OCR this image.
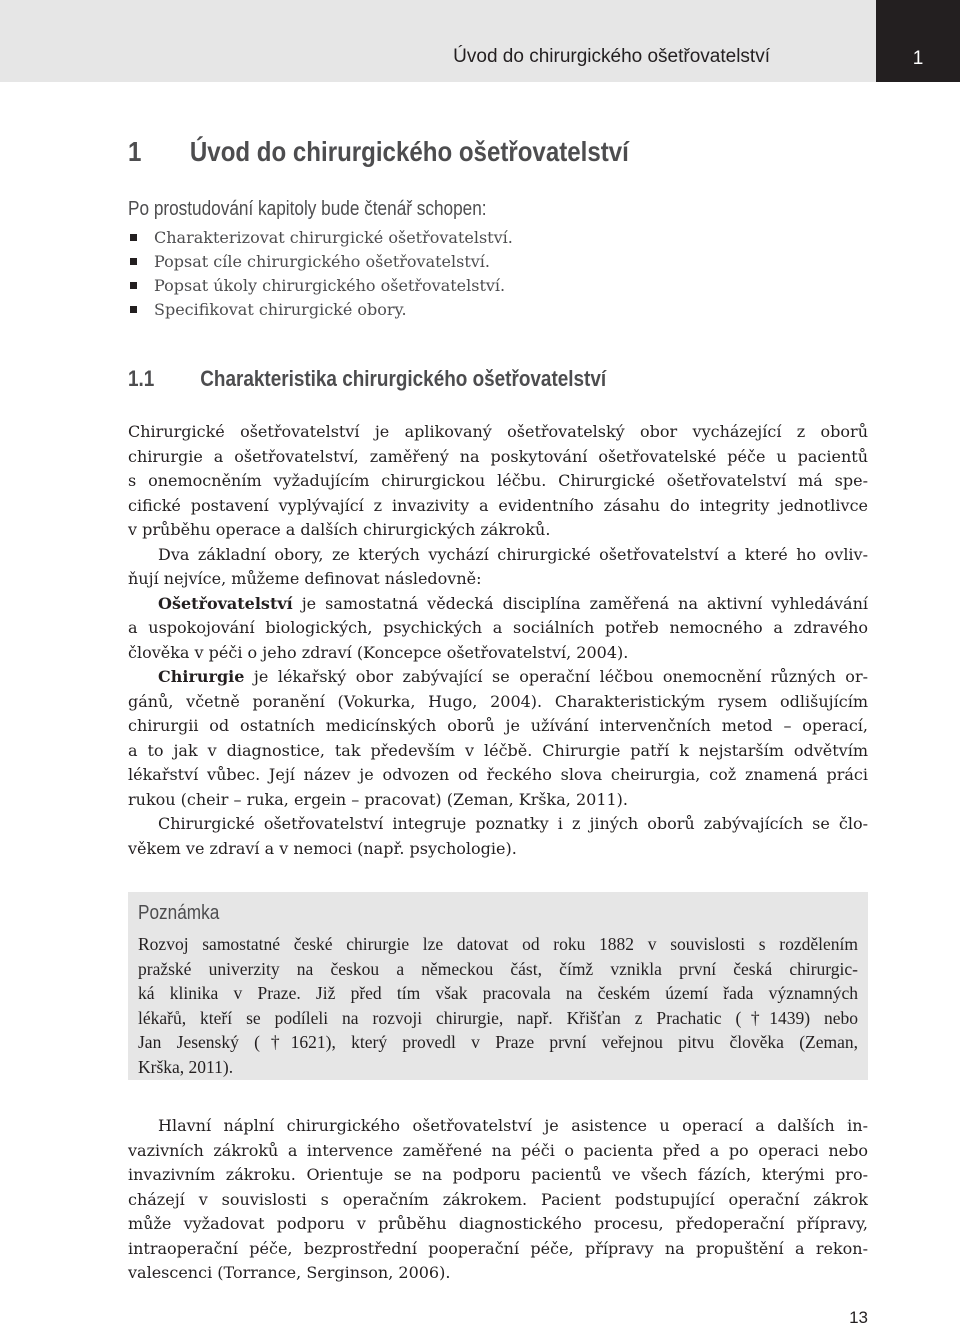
Úvod do chirurgického ošetřovatelství	1
1 Úvod do chirurgického ošetřovatelství
Po prostudování kapitoly bude čtenář schopen:
Charakterizovat chirurgické ošetřovatelství.
Popsat cíle chirurgického ošetřovatelství.
Popsat úkoly chirurgického ošetřovatelství.
Specifikovat chirurgické obory.
1.1 Charakteristika chirurgického ošetřovatelství
Chirurgické ošetřovatelství je aplikovaný ošetřovatelský obor vycházející z oborů
chirurgie a ošetřovatelství, zaměřený na poskytování ošetřovatelské péče u pacientů
s onemocněním vyžadujícím chirurgickou léčbu. Chirurgické ošetřovatelství má spe-
cifické postavení vyplývající z invazivity a evidentního zásahu do integrity jednotlivce
v průběhu operace a dalších chirurgických zákroků.
Dva základní obory, ze kterých vychází chirurgické ošetřovatelství a které ho ovliv-
ňují nejvíce, můžeme definovat následovně:
Ošetřovatelství je samostatná vědecká disciplína zaměřená na aktivní vyhledávání
a uspokojování biologických, psychických a sociálních potřeb nemocného a zdravého
člověka v péči o jeho zdraví (Koncepce ošetřovatelství, 2004).
Chirurgie je lékařský obor zabývající se operační léčbou onemocnění různých or-
gánů, včetně poranění (Vokurka, Hugo, 2004). Charakteristickým rysem odlišujícím
chirurgii od ostatních medicínských oborů je užívání intervenčních metod – operací,
a to jak v diagnostice, tak především v léčbě. Chirurgie patří k nejstarším odvětvím
lékařství vůbec. Její název je odvozen od řeckého slova cheirurgia, což znamená práci
rukou (cheir – ruka, ergein – pracovat) (Zeman, Krška, 2011).
Chirurgické ošetřovatelství integruje poznatky i z jiných oborů zabývajících se člo-
věkem ve zdraví a v nemoci (např. psychologie).
Poznámka
Rozvoj samostatné české chirurgie lze datovat od roku 1882 v souvislosti s rozdělením
pražské univerzity na českou a německou část, čímž vznikla první česká chirurgic-
ká klinika v Praze. Již před tím však pracovala na českém území řada významných
lékařů, kteří se podíleli na rozvoji chirurgie, např. Křišťan z Prachatic (†1439) nebo
Jan Jesenský (†1621), který provedl v Praze první veřejnou pitvu člověka (Zeman,
Krška, 2011).
Hlavní náplní chirurgického ošetřovatelství je asistence u operací a dalších in-
vazivních zákroků a intervence zaměřené na péči o pacienta před a po operaci nebo
invazivním zákroku. Orientuje se na podporu pacientů ve všech fázích, kterými pro-
cházejí v souvislosti s operačním zákrokem. Pacient podstupující operační zákrok
může vyžadovat podporu v průběhu diagnostického procesu, předoperační přípravy,
intraoperační péče, bezprostřední pooperační péče, přípravy na propuštění a rekon-
valescenci (Torrance, Serginson, 2006).
13
